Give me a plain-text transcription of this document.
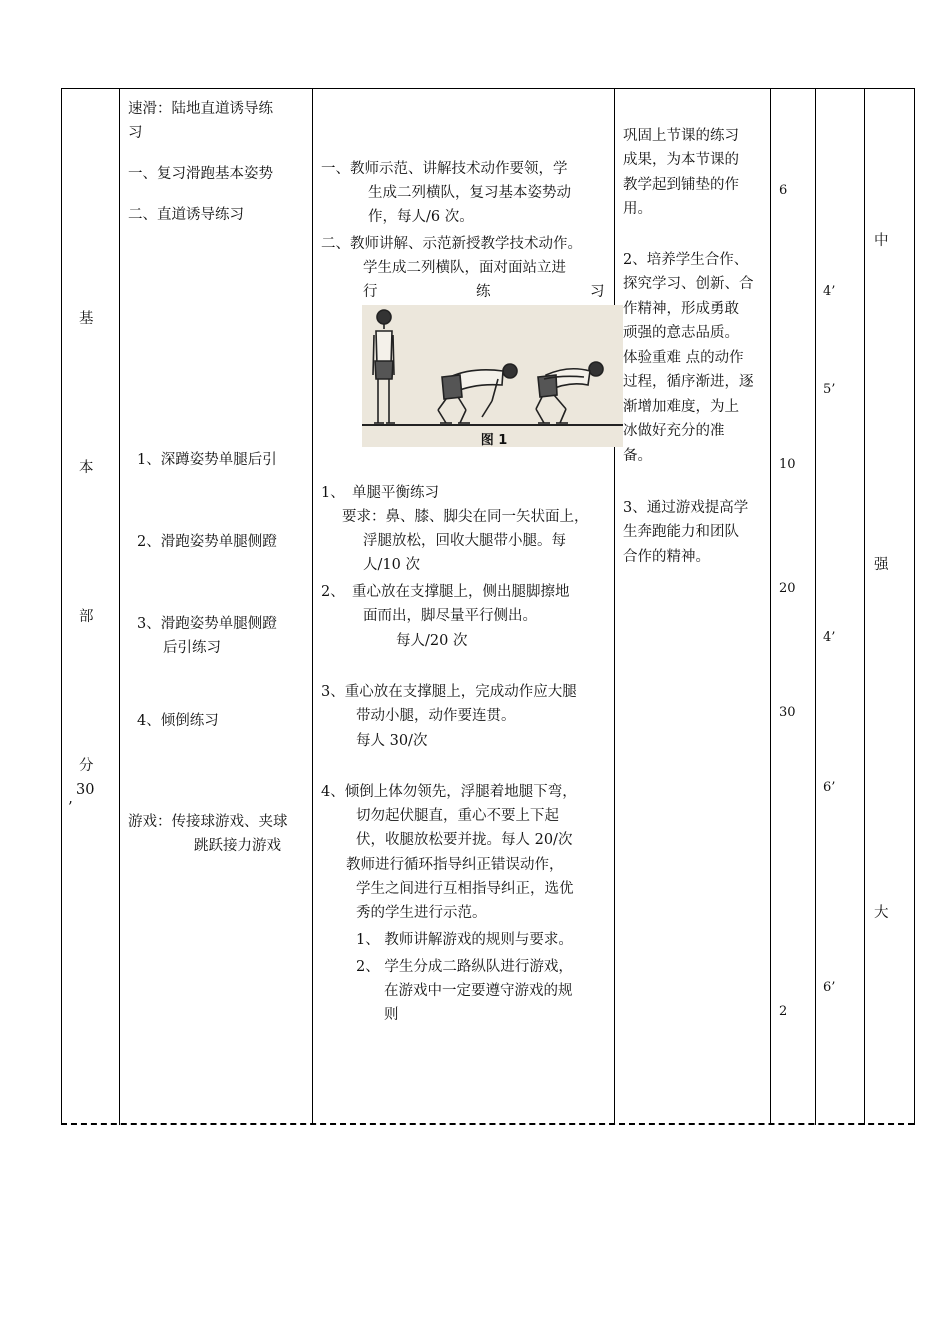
基
本
部
分
30
’
速滑：陆地直道诱导练
习
一、复习滑跑基本姿势
二、直道诱导练习
1、深蹲姿势单腿后引
2、滑跑姿势单腿侧蹬
3、滑跑姿势单腿侧蹬
后引练习
4、倾倒练习
游戏：传接球游戏、夹球
跳跃接力游戏
一、教师示范、讲解技术动作要领，学
生成二列横队，复习基本姿势动
作，每人/6 次。
二、教师讲解、示范新授教学技术动作。
学生成二列横队，面对面站立进
行	练	习
图 1
1、　单腿平衡练习
要求：鼻、膝、脚尖在同一矢状面上，
浮腿放松，回收大腿带小腿。每
人/10 次
2、　重心放在支撑腿上，侧出腿脚擦地
面而出，脚尽量平行侧出。
每人/20 次
3、重心放在支撑腿上，完成动作应大腿
带动小腿，动作要连贯。
每人 30/次
4、倾倒上体勿领先，浮腿着地腿下弯，
切勿起伏腿直，重心不要上下起
伏，收腿放松要并拢。每人 20/次
教师进行循环指导纠正错误动作，
学生之间进行互相指导纠正，选优
秀的学生进行示范。
1、 教师讲解游戏的规则与要求。
2、 学生分成二路纵队进行游戏，
在游戏中一定要遵守游戏的规
则
巩固上节课的练习
成果，为本节课的
教学起到铺垫的作
用。
2、培养学生合作、
探究学习、创新、合
作精神，形成勇敢
顽强的意志品质。
体验重难 点的动作
过程，循序渐进，逐
渐增加难度，为上
冰做好充分的准
备。
3、通过游戏提高学
生奔跑能力和团队
合作的精神。
6
10
20
30
2
4’
5’
4’
6’
6’
中
强
大
